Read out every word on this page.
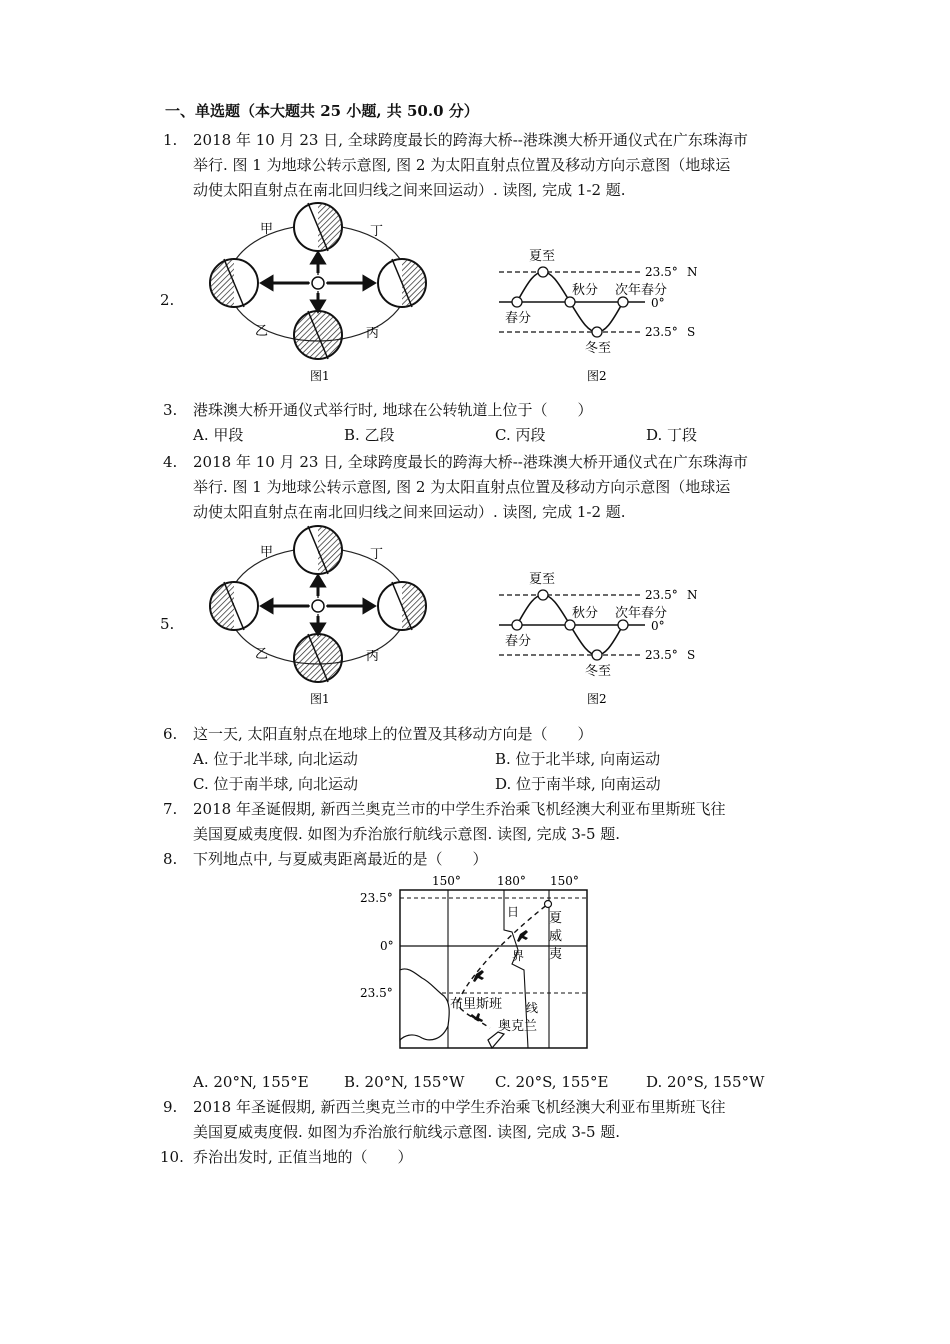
一、单选题（本大题共 25 小题, 共 50.0 分）
1. 2018 年 10 月 23 日, 全球跨度最长的跨海大桥--港珠澳大桥开通仪式在广东珠海市
举行. 图 1 为地球公转示意图, 图 2 为太阳直射点位置及移动方向示意图（地球运
动使太阳直射点在南北回归线之间来回运动）. 读图, 完成 1-2 题.
2.
甲	丁
乙	丙
图1
夏至
春分
秋分 次年春分
冬至
23.5° N
0°
23.5° S
图2
3. 港珠澳大桥开通仪式举行时, 地球在公转轨道上位于（　　）
A. 甲段	B. 乙段	C. 丙段	D. 丁段
4. 2018 年 10 月 23 日, 全球跨度最长的跨海大桥--港珠澳大桥开通仪式在广东珠海市
举行. 图 1 为地球公转示意图, 图 2 为太阳直射点位置及移动方向示意图（地球运
动使太阳直射点在南北回归线之间来回运动）. 读图, 完成 1-2 题.
5.
甲	丁
乙	丙
图1
夏至
春分
秋分 次年春分
冬至
23.5° N
0°
23.5° S
图2
6. 这一天, 太阳直射点在地球上的位置及其移动方向是（　　）
A. 位于北半球, 向北运动	B. 位于北半球, 向南运动
C. 位于南半球, 向北运动	D. 位于南半球, 向南运动
7. 2018 年圣诞假期, 新西兰奥克兰市的中学生乔治乘飞机经澳大利亚布里斯班飞往
美国夏威夷度假. 如图为乔治旅行航线示意图. 读图, 完成 3-5 题.
8. 下列地点中, 与夏威夷距离最近的是（　　）
150°	180° 150°
23.5°
0°
23.5°
夏
威
夷
日
界
线
布里斯班
奥克兰
A. 20°N, 155°E B. 20°N, 155°W C. 20°S, 155°E	D. 20°S, 155°W
9. 2018 年圣诞假期, 新西兰奥克兰市的中学生乔治乘飞机经澳大利亚布里斯班飞往
美国夏威夷度假. 如图为乔治旅行航线示意图. 读图, 完成 3-5 题.
10. 乔治出发时, 正值当地的（　　）
